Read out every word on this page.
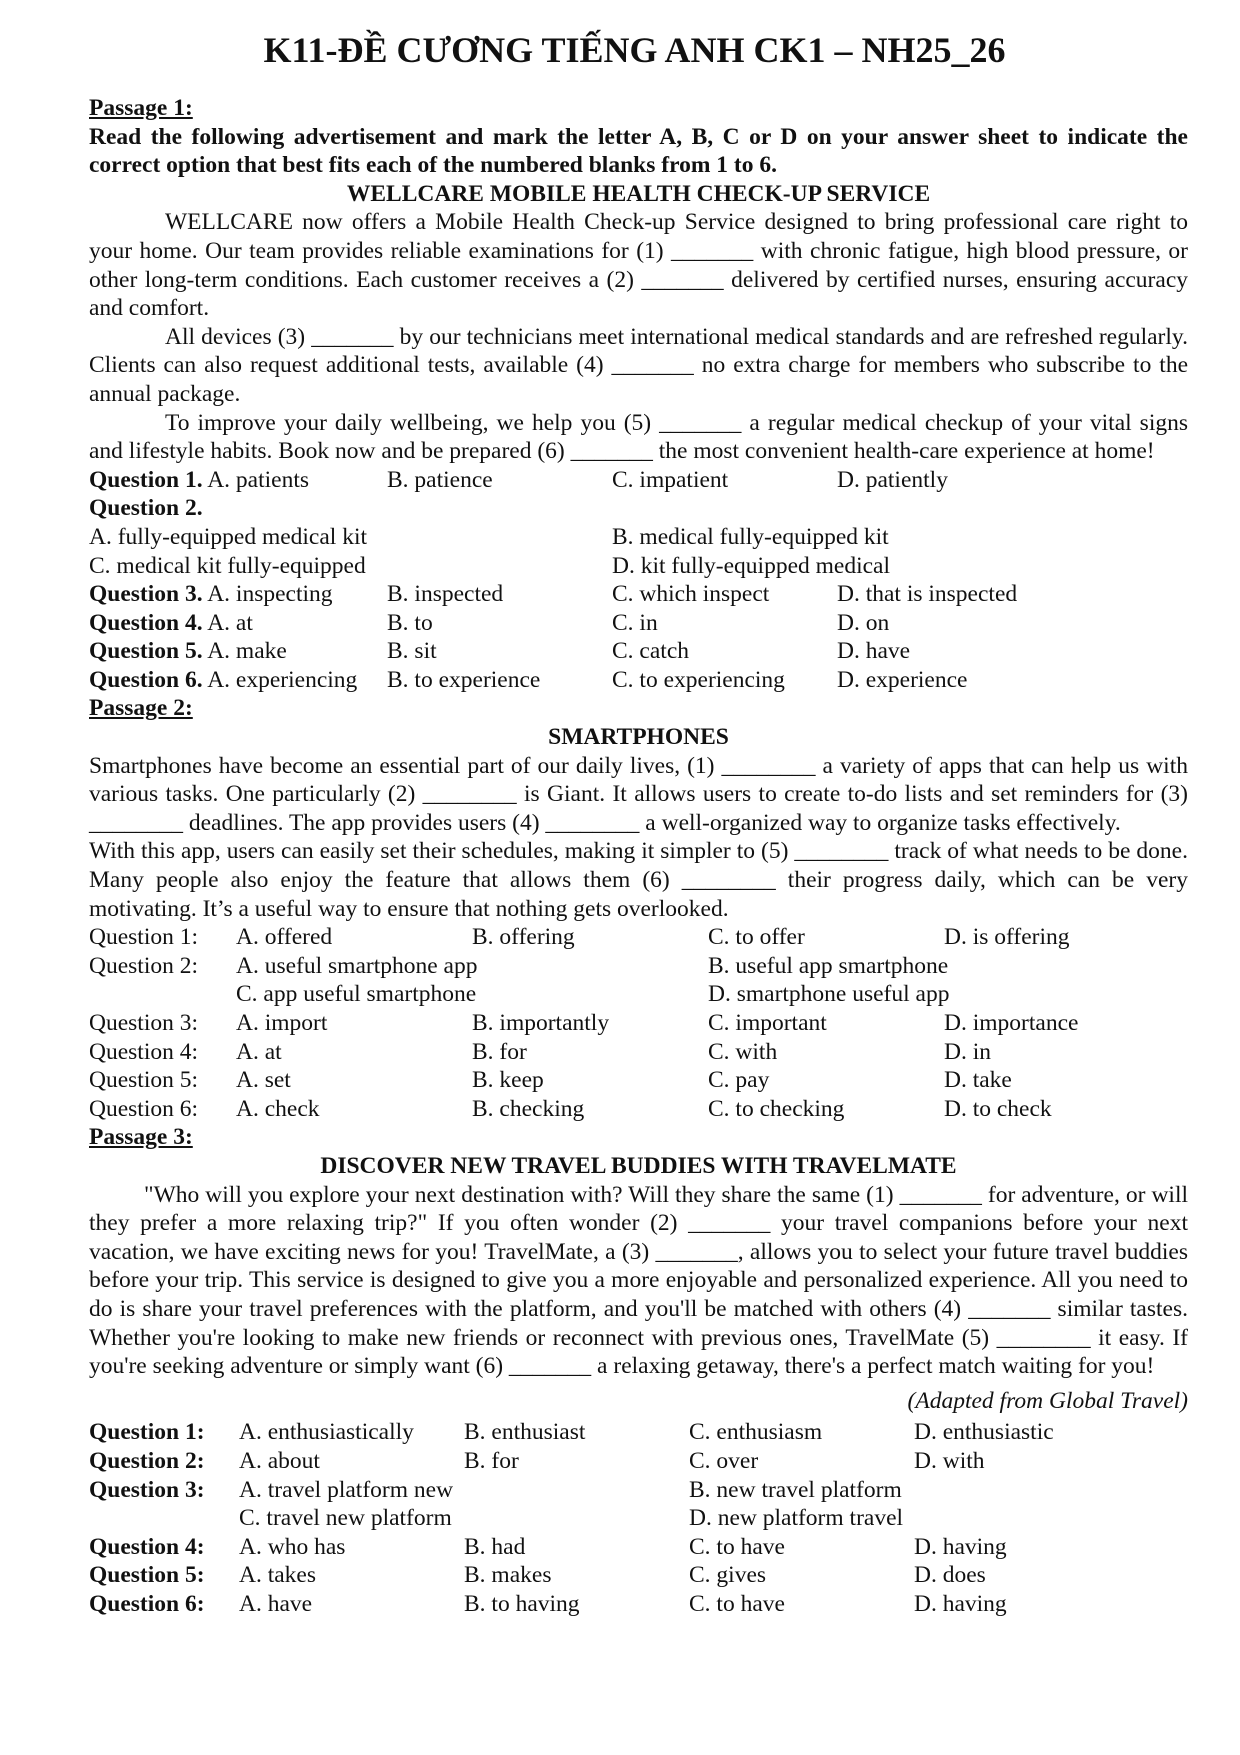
K11-ĐỀ CƯƠNG TIẾNG ANH CK1 – NH25_26
Passage 1:
Read the following advertisement and mark the letter A, B, C or D on your answer sheet to indicate the correct option that best fits each of the numbered blanks from 1 to 6.
WELLCARE MOBILE HEALTH CHECK-UP SERVICE
WELLCARE now offers a Mobile Health Check-up Service designed to bring professional care right to your home. Our team provides reliable examinations for (1) _______ with chronic fatigue, high blood pressure, or other long-term conditions. Each customer receives a (2) _______ delivered by certified nurses, ensuring accuracy and comfort.
All devices (3) _______ by our technicians meet international medical standards and are refreshed regularly. Clients can also request additional tests, available (4) _______ no extra charge for members who subscribe to the annual package.
To improve your daily wellbeing, we help you (5) _______ a regular medical checkup of your vital signs and lifestyle habits. Book now and be prepared (6) _______ the most convenient health-care experience at home!
Question 1. A. patients	B. patience	C. impatient	D. patiently
Question 2.
A. fully-equipped medical kit	B. medical fully-equipped kit
C. medical kit fully-equipped	D. kit fully-equipped medical
Question 3. A. inspecting	B. inspected	C. which inspect	D. that is inspected
Question 4. A. at	B. to	C. in	D. on
Question 5. A. make	B. sit	C. catch	D. have
Question 6. A. experiencing	B. to experience	C. to experiencing	D. experience
Passage 2:
SMARTPHONES
Smartphones have become an essential part of our daily lives, (1) ________ a variety of apps that can help us with various tasks. One particularly (2) ________ is Giant. It allows users to create to-do lists and set reminders for (3) ________ deadlines. The app provides users (4) ________ a well-organized way to organize tasks effectively.
With this app, users can easily set their schedules, making it simpler to (5) ________ track of what needs to be done. Many people also enjoy the feature that allows them (6) ________ their progress daily, which can be very motivating. It’s a useful way to ensure that nothing gets overlooked.
Question 1:	A. offered	B. offering	C. to offer	D. is offering
Question 2:	A. useful smartphone app	B. useful app smartphone
C. app useful smartphone	D. smartphone useful app
Question 3:	A. import	B. importantly	C. important	D. importance
Question 4:	A. at	B. for	C. with	D. in
Question 5:	A. set	B. keep	C. pay	D. take
Question 6:	A. check	B. checking	C. to checking	D. to check
Passage 3:
DISCOVER NEW TRAVEL BUDDIES WITH TRAVELMATE
"Who will you explore your next destination with? Will they share the same (1) _______ for adventure, or will they prefer a more relaxing trip?" If you often wonder (2) _______ your travel companions before your next vacation, we have exciting news for you! TravelMate, a (3) _______, allows you to select your future travel buddies before your trip. This service is designed to give you a more enjoyable and personalized experience. All you need to do is share your travel preferences with the platform, and you'll be matched with others (4) _______ similar tastes. Whether you're looking to make new friends or reconnect with previous ones, TravelMate (5) ________ it easy. If you're seeking adventure or simply want (6) _______ a relaxing getaway, there's a perfect match waiting for you!
(Adapted from Global Travel)
Question 1:	A. enthusiastically	B. enthusiast	C. enthusiasm	D. enthusiastic
Question 2:	A. about	B. for	C. over	D. with
Question 3:	A. travel platform new	B. new travel platform
C. travel new platform	D. new platform travel
Question 4:	A. who has	B. had	C. to have	D. having
Question 5:	A. takes	B. makes	C. gives	D. does
Question 6:	A. have	B. to having	C. to have	D. having
